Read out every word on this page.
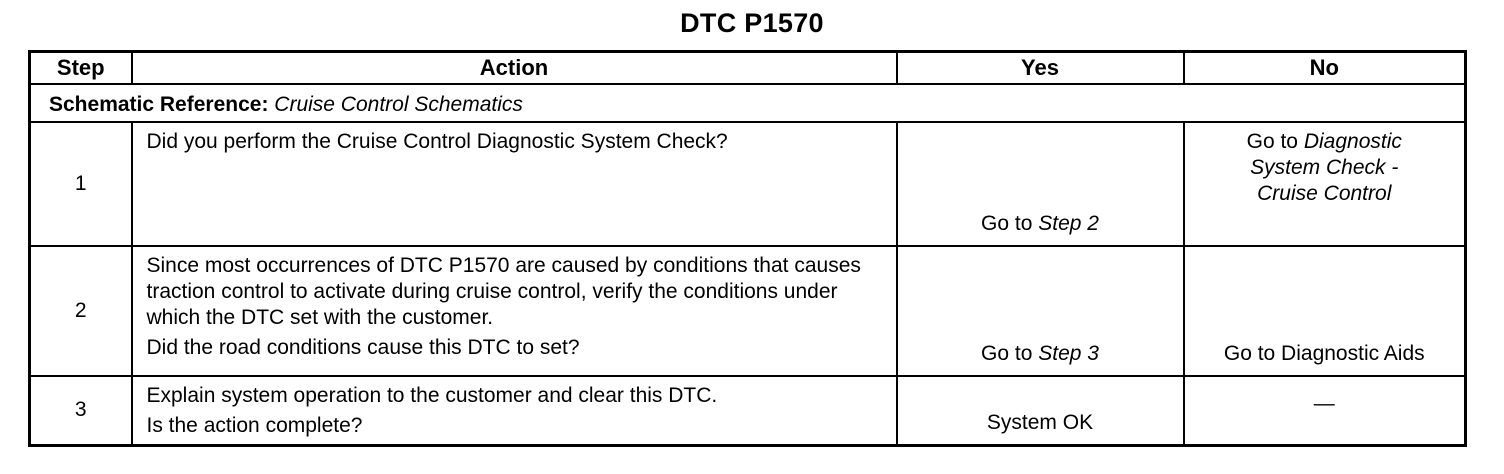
DTC P1570
Step	Action	Yes	No
Schematic Reference: Cruise Control Schematics			
1	Did you perform the Cruise Control Diagnostic System Check?	Go to Step 2	Go to Diagnostic
System Check -
Cruise Control

2	Since most occurrences of DTC P1570 are caused by conditions that causes traction control to activate during cruise control, verify the conditions under which the DTC set with the customer.

Did the road conditions cause this DTC to set?	Go to Step 3	Go to Diagnostic Aids
3	Explain system operation to the customer and clear this DTC.

Is the action complete?	System OK	—
